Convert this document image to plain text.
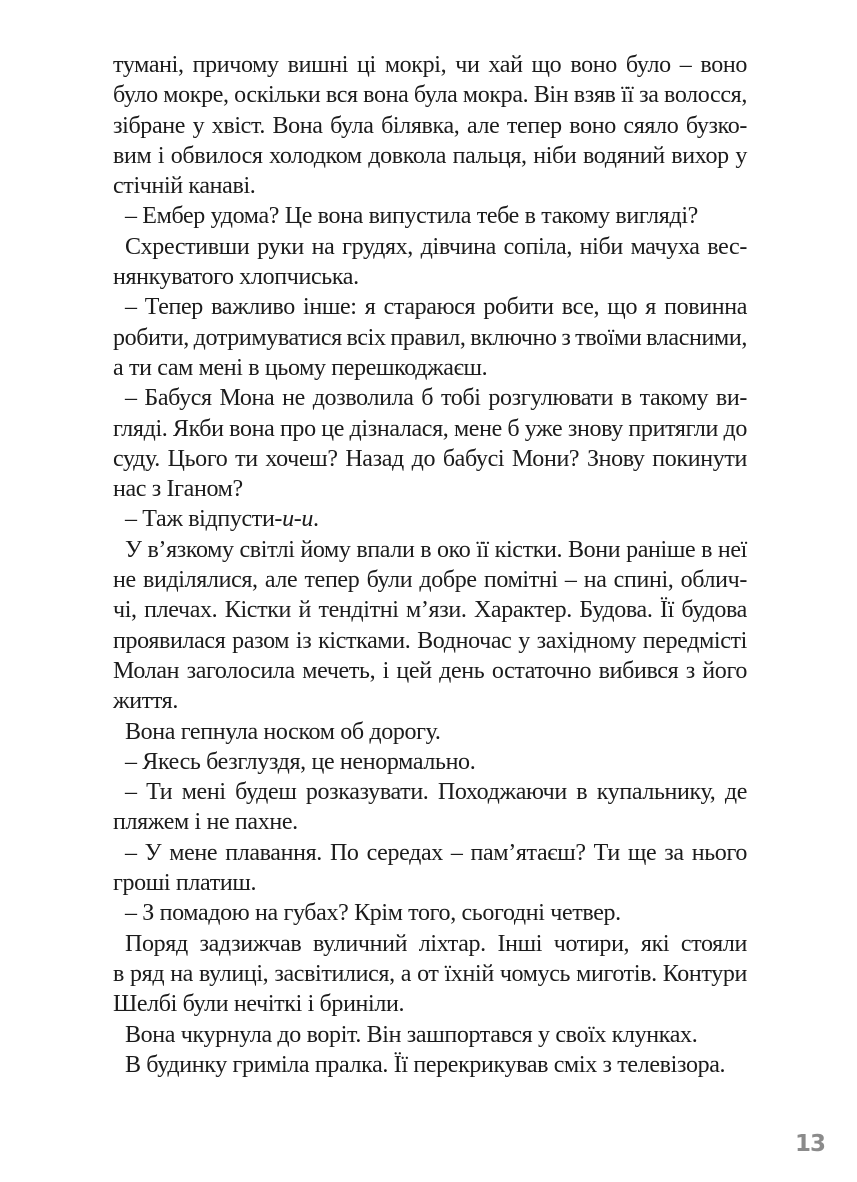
тумані, причому вишні ці мокрі, чи хай що воно було – воно
було мокре, оскільки вся вона була мокра. Він взяв її за волосся,
зібране у хвіст. Вона була білявка, але тепер воно сяяло бузко-
вим і обвилося холодком довкола пальця, ніби водяний вихор у
стічній канаві.
– Ембер удома? Це вона випустила тебе в такому вигляді?
Схрестивши руки на грудях, дівчина сопіла, ніби мачуха вес-
нянкуватого хлопчиська.
– Тепер важливо інше: я стараюся робити все, що я повинна
робити, дотримуватися всіх правил, включно з твоїми власними,
а ти сам мені в цьому перешкоджаєш.
– Бабуся Мона не дозволила б тобі розгулювати в такому ви-
гляді. Якби вона про це дізналася, мене б уже знову притягли до
суду. Цього ти хочеш? Назад до бабусі Мони? Знову покинути
нас з Іганом?
– Таж відпусти-и-и.
У в’язкому світлі йому впали в око її кістки. Вони раніше в неї
не виділялися, але тепер були добре помітні – на спині, облич-
чі, плечах. Кістки й тендітні м’язи. Характер. Будова. Її будова
проявилася разом із кістками. Водночас у західному передмісті
Молан заголосила мечеть, і цей день остаточно вибився з його
життя.
Вона гепнула носком об дорогу.
– Якесь безглуздя, це ненормально.
– Ти мені будеш розказувати. Походжаючи в купальнику, де
пляжем і не пахне.
– У мене плавання. По середах – пам’ятаєш? Ти ще за нього
гроші платиш.
– З помадою на губах? Крім того, сьогодні четвер.
Поряд задзижчав вуличний ліхтар. Інші чотири, які стояли
в ряд на вулиці, засвітилися, а от їхній чомусь миготів. Контури
Шелбі були нечіткі і бриніли.
Вона чкурнула до воріт. Він зашпортався у своїх клунках.
В будинку гриміла пралка. Її перекрикував сміх з телевізора.
13
